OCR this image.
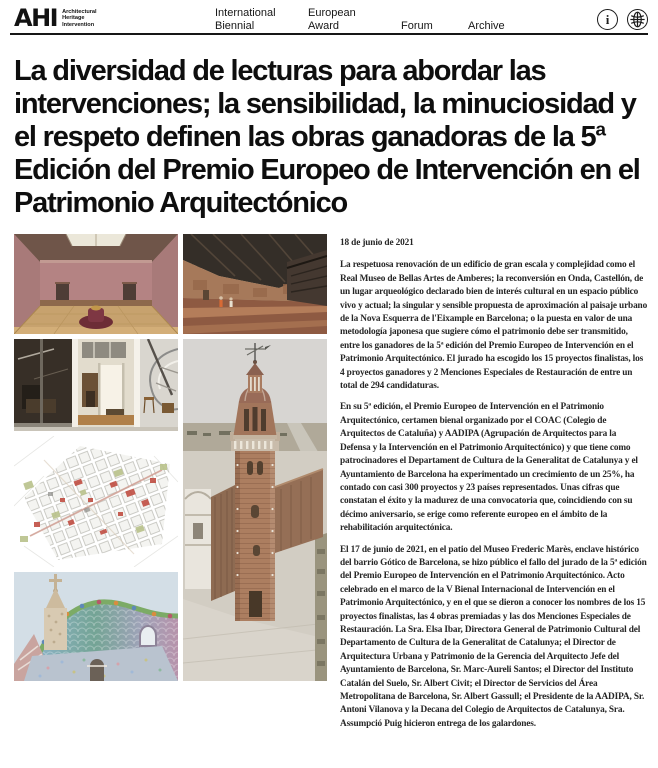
AHI Architectural
Heritage
Intervention
International Biennial
European Award	Forum	Archive	i
La diversidad de lecturas para abordar las intervenciones; la sensibilidad, la minuciosidad y el respeto definen las obras ganadoras de la 5ª Edición del Premio Europeo de Intervención en el Patrimonio Arquitectónico
18 de junio de 2021

La respetuosa renovación de un edificio de gran escala y complejidad como el Real Museo de Bellas Artes de Amberes; la reconversión en Onda, Castellón, de un lugar arqueológico declarado bien de interés cultural en un espacio público vivo y actual; la singular y sensible propuesta de aproximación al paisaje urbano de la Nova Esquerra de l'Eixample en Barcelona; o la puesta en valor de una metodología japonesa que sugiere cómo el patrimonio debe ser transmitido, entre los ganadores de la 5ª edición del Premio Europeo de Intervención en el Patrimonio Arquitectónico. El jurado ha escogido los 15 proyectos finalistas, los 4 proyectos ganadores y 2 Menciones Especiales de Restauración de entre un total de 294 candidaturas.

En su 5ª edición, el Premio Europeo de Intervención en el Patrimonio Arquitectónico, certamen bienal organizado por el COAC (Colegio de Arquitectos de Cataluña) y AADIPA (Agrupación de Arquitectos para la Defensa y la Intervención en el Patrimonio Arquitectónico) y que tiene como patrocinadores el Departament de Cultura de la Generalitat de Catalunya y el Ayuntamiento de Barcelona ha experimentado un crecimiento de un 25%, ha contado con casi 300 proyectos y 23 países representados. Unas cifras que constatan el éxito y la madurez de una convocatoria que, coincidiendo con su décimo aniversario, se erige como referente europeo en el ámbito de la rehabilitación arquitectónica.

El 17 de junio de 2021, en el patio del Museo Frederic Marès, enclave histórico del barrio Gótico de Barcelona, se hizo público el fallo del jurado de la 5ª edición del Premio Europeo de Intervención en el Patrimonio Arquitectónico. Acto celebrado en el marco de la V Bienal Internacional de Intervención en el Patrimonio Arquitectónico, y en el que se dieron a conocer los nombres de los 15 proyectos finalistas, las 4 obras premiadas y las dos Menciones Especiales de Restauración. La Sra. Elsa Ibar, Directora General de Patrimonio Cultural del Departamento de Cultura de la Generalitat de Catalunya; el Director de Arquitectura Urbana y Patrimonio de la Gerencia del Arquitecto Jefe del Ayuntamiento de Barcelona, Sr. Marc-Aureli Santos; el Director del Instituto Catalán del Suelo, Sr. Albert Civit; el Director de Servicios del Área Metropolitana de Barcelona, Sr. Albert Gassull; el Presidente de la AADIPA, Sr. Antoni Vilanova y la Decana del Colegio de Arquitectos de Catalunya, Sra. Assumpció Puig hicieron entrega de los galardones.
